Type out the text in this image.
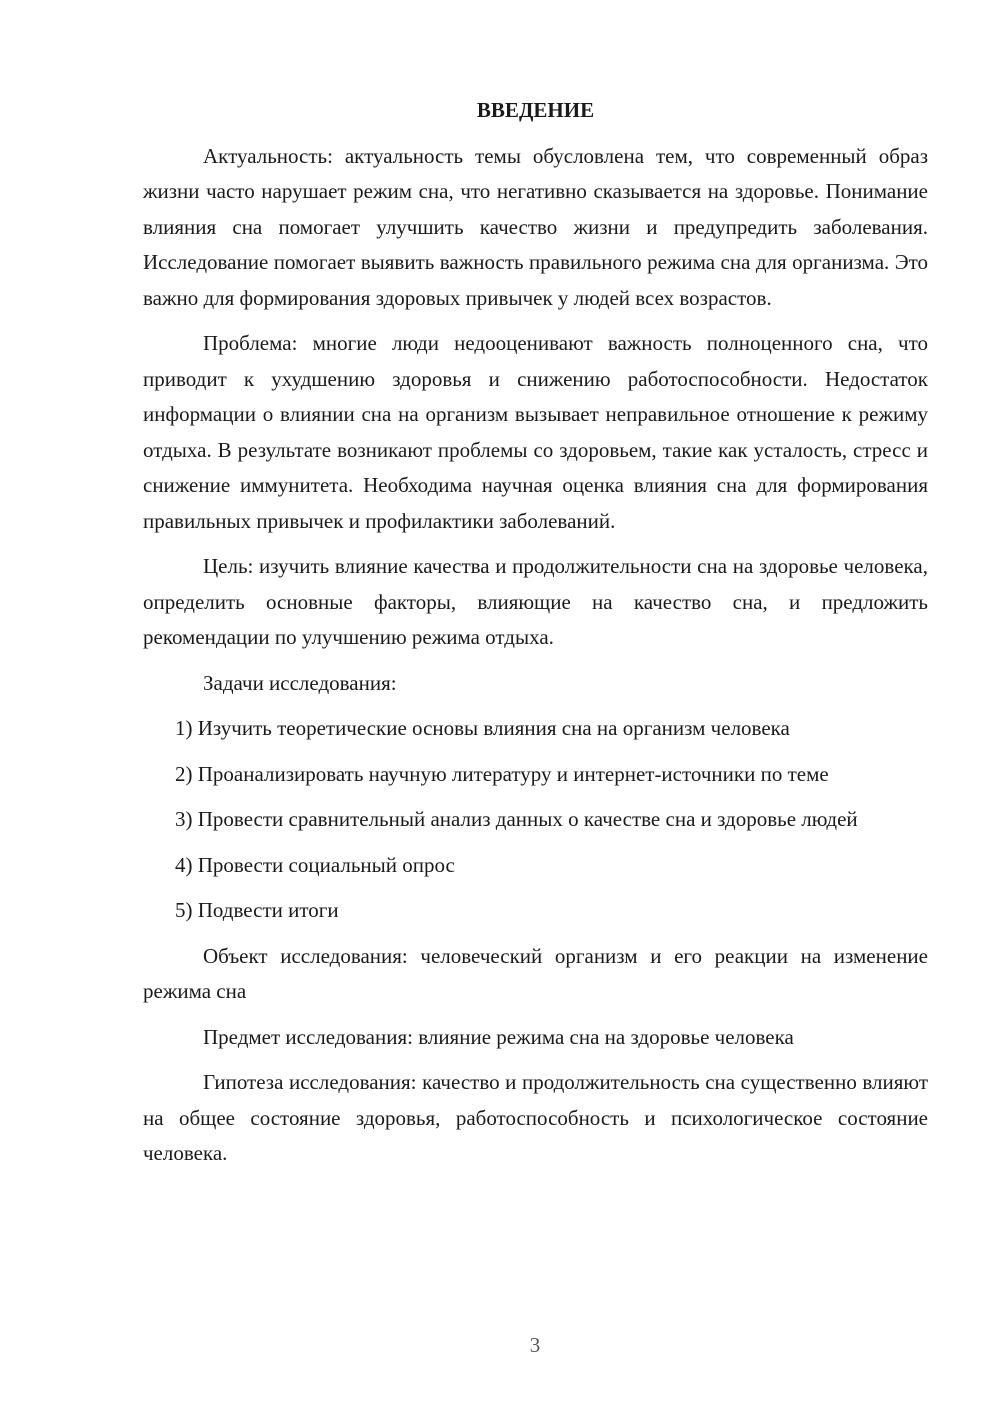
ВВЕДЕНИЕ

Актуальность: актуальность темы обусловлена тем, что современный образ жизни часто нарушает режим сна, что негативно сказывается на здоровье. Понимание влияния сна помогает улучшить качество жизни и предупредить заболевания. Исследование помогает выявить важность правильного режима сна для организма. Это важно для формирования здоровых привычек у людей всех возрастов.

Проблема: многие люди недооценивают важность полноценного сна, что приводит к ухудшению здоровья и снижению работоспособности. Недостаток информации о влиянии сна на организм вызывает неправильное отношение к режиму отдыха. В результате возникают проблемы со здоровьем, такие как усталость, стресс и снижение иммунитета. Необходима научная оценка влияния сна для формирования правильных привычек и профилактики заболеваний.

Цель: изучить влияние качества и продолжительности сна на здоровье человека, определить основные факторы, влияющие на качество сна, и предложить рекомендации по улучшению режима отдыха.

Задачи исследования:

1) Изучить теоретические основы влияния сна на организм человека
2) Проанализировать научную литературу и интернет-источники по теме
3) Провести сравнительный анализ данных о качестве сна и здоровье людей
4) Провести социальный опрос
5) Подвести итоги

Объект исследования: человеческий организм и его реакции на изменение режима сна

Предмет исследования: влияние режима сна на здоровье человека

Гипотеза исследования: качество и продолжительность сна существенно влияют на общее состояние здоровья, работоспособность и психологическое состояние человека.

3
